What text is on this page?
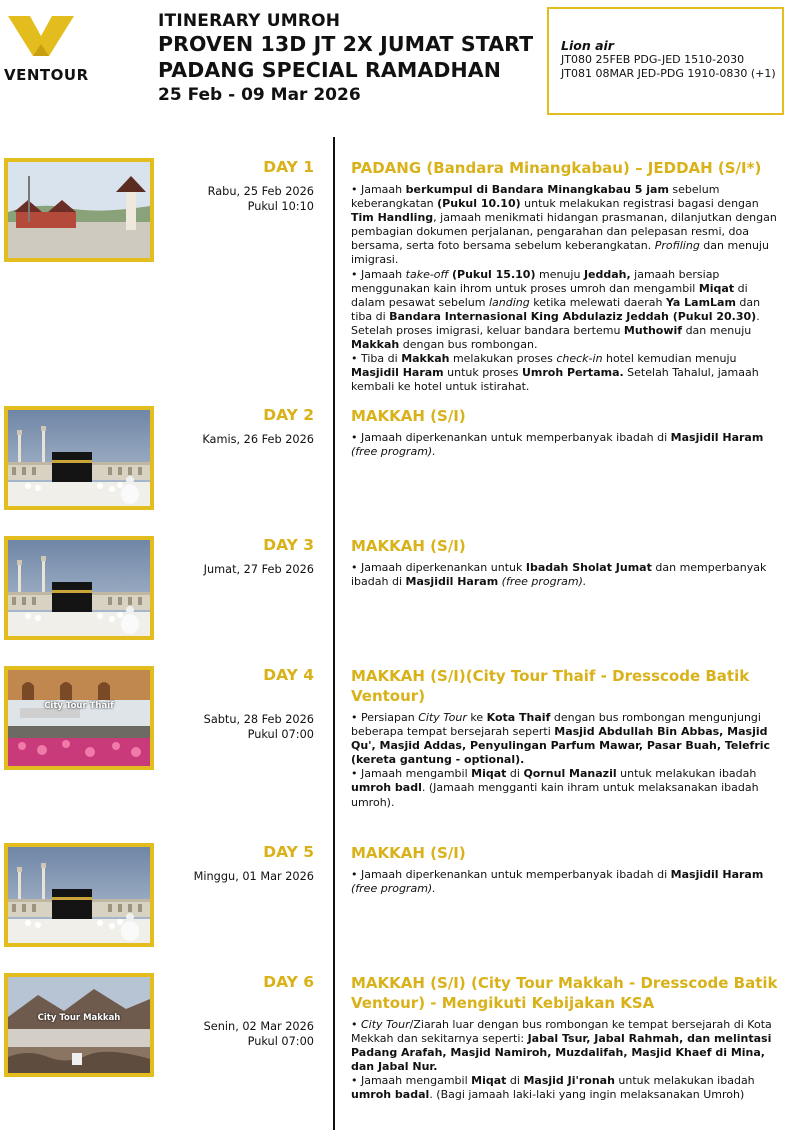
VENTOUR
ITINERARY UMROH
PROVEN 13D JT 2X JUMAT START
PADANG SPECIAL RAMADHAN
25 Feb - 09 Mar 2026
Lion air
JT080 25FEB PDG-JED 1510-2030
JT081 08MAR JED-PDG 1910-0830 (+1)
DAY 1
Rabu, 25 Feb 2026
Pukul 10:10
PADANG (Bandara Minangkabau) – JEDDAH (S/I*)
• Jamaah berkumpul di Bandara Minangkabau 5 jam sebelum keberangkatan (Pukul 10.10) untuk melakukan registrasi bagasi dengan Tim Handling, jamaah menikmati hidangan prasmanan, dilanjutkan dengan pembagian dokumen perjalanan, pengarahan dan pelepasan resmi, doa bersama, serta foto bersama sebelum keberangkatan. Profiling dan menuju imigrasi.
• Jamaah take-off (Pukul 15.10) menuju Jeddah, jamaah bersiap menggunakan kain ihrom untuk proses umroh dan mengambil Miqat di dalam pesawat sebelum landing ketika melewati daerah Ya LamLam dan tiba di Bandara Internasional King Abdulaziz Jeddah (Pukul 20.30). Setelah proses imigrasi, keluar bandara bertemu Muthowif dan menuju Makkah dengan bus rombongan.
• Tiba di Makkah melakukan proses check-in hotel kemudian menuju Masjidil Haram untuk proses Umroh Pertama. Setelah Tahalul, jamaah kembali ke hotel untuk istirahat.
DAY 2
Kamis, 26 Feb 2026
MAKKAH (S/I)
• Jamaah diperkenankan untuk memperbanyak ibadah di Masjidil Haram (free program).
DAY 3
Jumat, 27 Feb 2026
MAKKAH (S/I)
• Jamaah diperkenankan untuk Ibadah Sholat Jumat dan memperbanyak ibadah di Masjidil Haram (free program).
City Tour Thaif
DAY 4
Sabtu, 28 Feb 2026
Pukul 07:00
MAKKAH (S/I)(City Tour Thaif - Dresscode Batik Ventour)
• Persiapan City Tour ke Kota Thaif dengan bus rombongan mengunjungi beberapa tempat bersejarah seperti Masjid Abdullah Bin Abbas, Masjid Qu', Masjid Addas, Penyulingan Parfum Mawar, Pasar Buah, Telefric (kereta gantung - optional).
• Jamaah mengambil Miqat di Qornul Manazil untuk melakukan ibadah umroh badl. (Jamaah mengganti kain ihram untuk melaksanakan ibadah umroh).
DAY 5
Minggu, 01 Mar 2026
MAKKAH (S/I)
• Jamaah diperkenankan untuk memperbanyak ibadah di Masjidil Haram (free program).
City Tour Makkah
DAY 6
Senin, 02 Mar 2026
Pukul 07:00
MAKKAH (S/I) (City Tour Makkah - Dresscode Batik Ventour) - Mengikuti Kebijakan KSA
• City Tour/Ziarah luar dengan bus rombongan ke tempat bersejarah di Kota Mekkah dan sekitarnya seperti: Jabal Tsur, Jabal Rahmah, dan melintasi Padang Arafah, Masjid Namiroh, Muzdalifah, Masjid Khaef di Mina, dan Jabal Nur.
• Jamaah mengambil Miqat di Masjid Ji'ronah untuk melakukan ibadah umroh badal. (Bagi jamaah laki-laki yang ingin melaksanakan Umroh)
